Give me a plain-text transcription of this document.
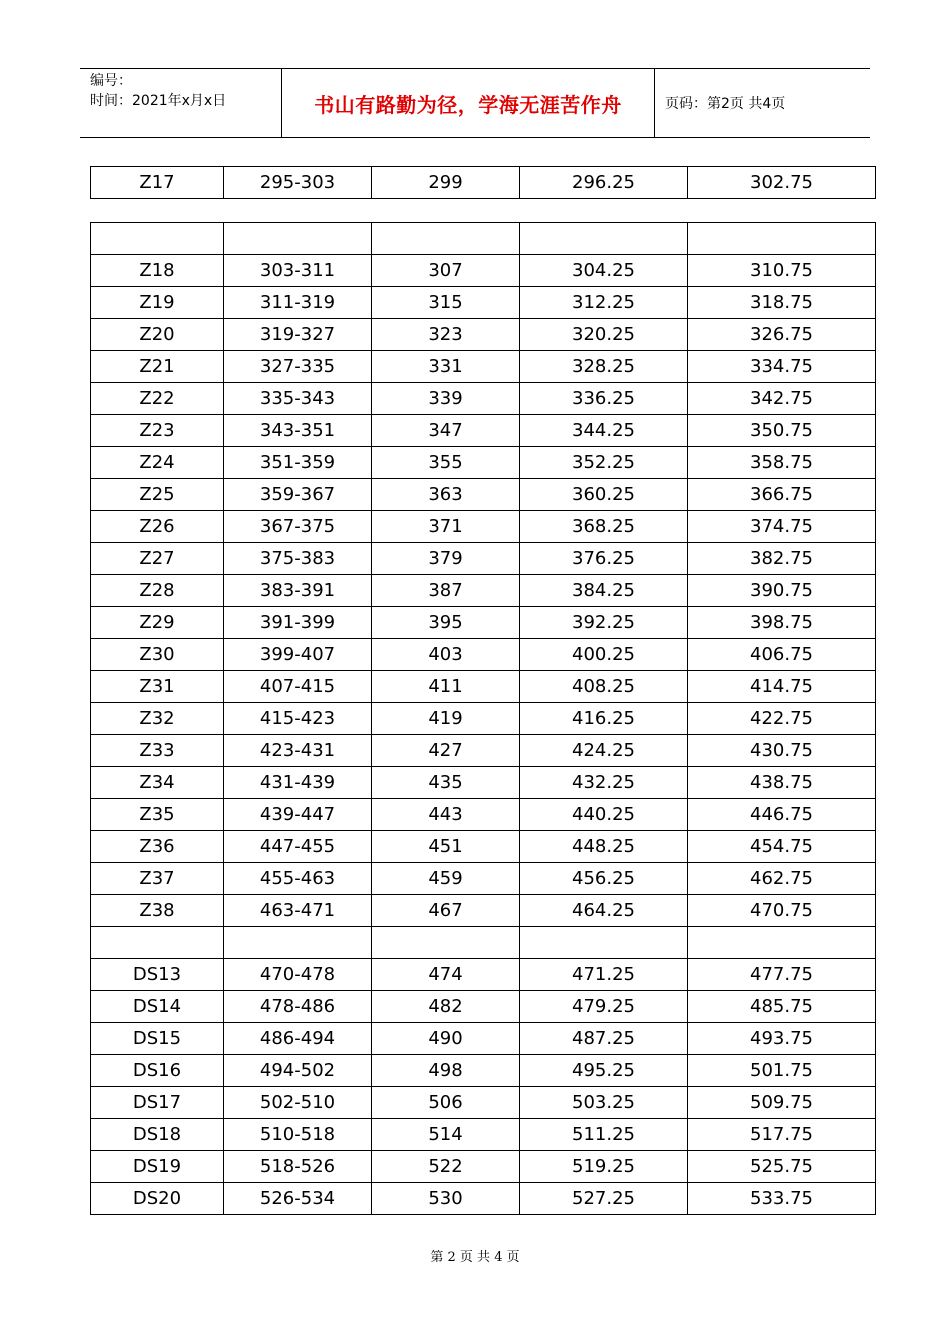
编号：
时间：2021年x月x日	书山有路勤为径，学海无涯苦作舟	页码：第2页 共4页
Z17	295-303	299	296.25	302.75

Z18	303-311	307	304.25	310.75
Z19	311-319	315	312.25	318.75
Z20	319-327	323	320.25	326.75
Z21	327-335	331	328.25	334.75
Z22	335-343	339	336.25	342.75
Z23	343-351	347	344.25	350.75
Z24	351-359	355	352.25	358.75
Z25	359-367	363	360.25	366.75
Z26	367-375	371	368.25	374.75
Z27	375-383	379	376.25	382.75
Z28	383-391	387	384.25	390.75
Z29	391-399	395	392.25	398.75
Z30	399-407	403	400.25	406.75
Z31	407-415	411	408.25	414.75
Z32	415-423	419	416.25	422.75
Z33	423-431	427	424.25	430.75
Z34	431-439	435	432.25	438.75
Z35	439-447	443	440.25	446.75
Z36	447-455	451	448.25	454.75
Z37	455-463	459	456.25	462.75
Z38	463-471	467	464.25	470.75

DS13	470-478	474	471.25	477.75
DS14	478-486	482	479.25	485.75
DS15	486-494	490	487.25	493.75
DS16	494-502	498	495.25	501.75
DS17	502-510	506	503.25	509.75
DS18	510-518	514	511.25	517.75
DS19	518-526	522	519.25	525.75
DS20	526-534	530	527.25	533.75
第 2 页 共 4 页
